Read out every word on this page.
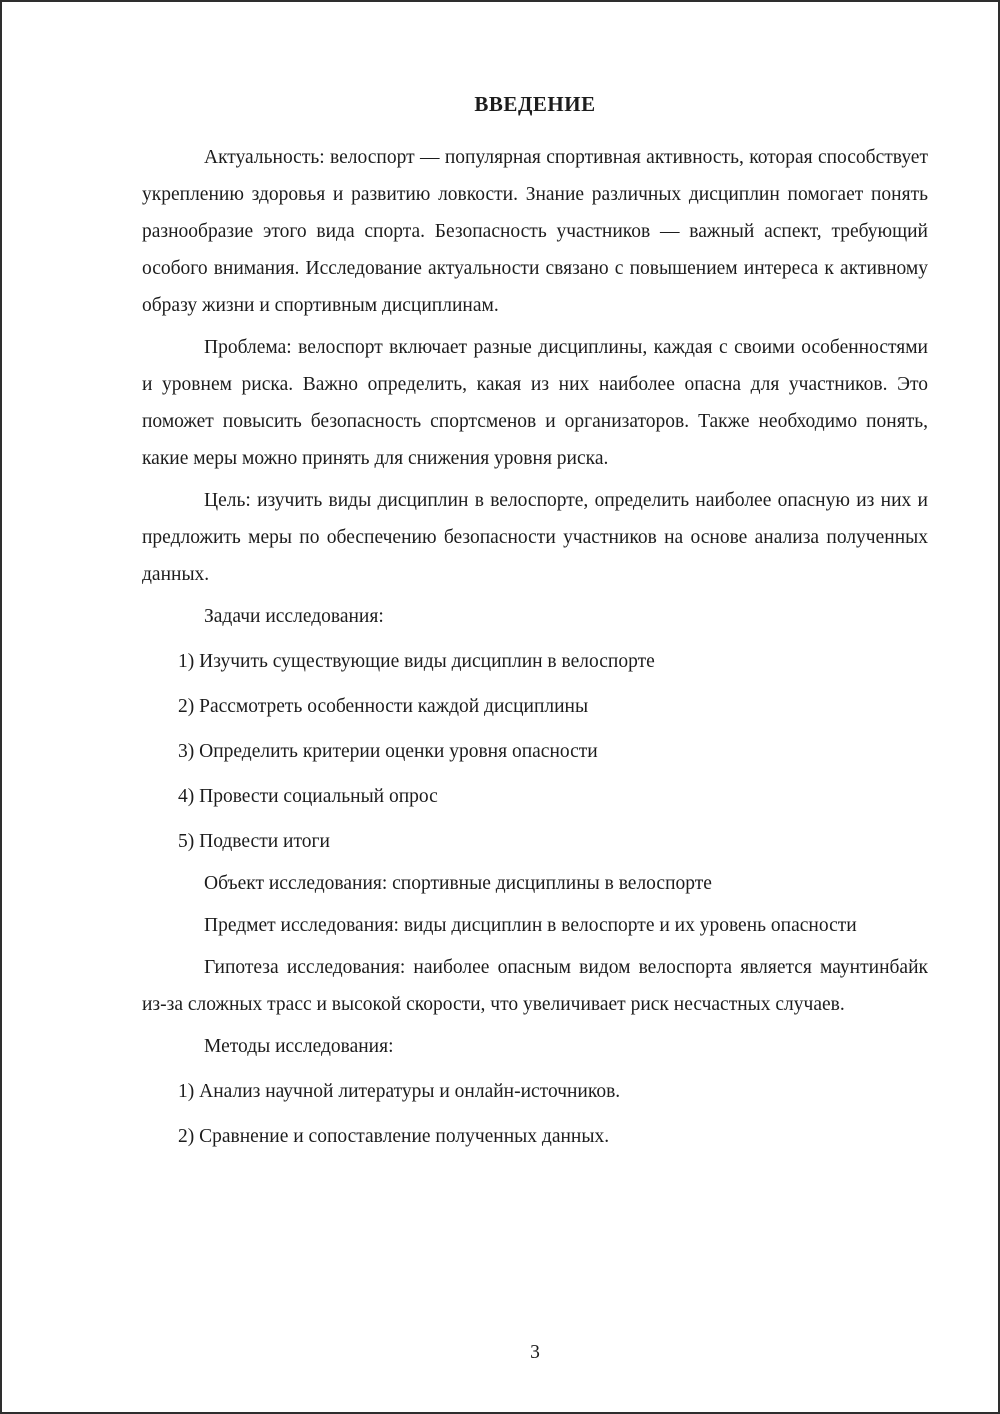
ВВЕДЕНИЕ

Актуальность: велоспорт — популярная спортивная активность, которая способствует укреплению здоровья и развитию ловкости. Знание различных дисциплин помогает понять разнообразие этого вида спорта. Безопасность участников — важный аспект, требующий особого внимания. Исследование актуальности связано с повышением интереса к активному образу жизни и спортивным дисциплинам.

Проблема: велоспорт включает разные дисциплины, каждая с своими особенностями и уровнем риска. Важно определить, какая из них наиболее опасна для участников. Это поможет повысить безопасность спортсменов и организаторов. Также необходимо понять, какие меры можно принять для снижения уровня риска.

Цель: изучить виды дисциплин в велоспорте, определить наиболее опасную из них и предложить меры по обеспечению безопасности участников на основе анализа полученных данных.

Задачи исследования:

1) Изучить существующие виды дисциплин в велоспорте

2) Рассмотреть особенности каждой дисциплины

3) Определить критерии оценки уровня опасности

4) Провести социальный опрос

5) Подвести итоги

Объект исследования: спортивные дисциплины в велоспорте

Предмет исследования: виды дисциплин в велоспорте и их уровень опасности

Гипотеза исследования: наиболее опасным видом велоспорта является маунтинбайк из-за сложных трасс и высокой скорости, что увеличивает риск несчастных случаев.

Методы исследования:

1) Анализ научной литературы и онлайн-источников.

2) Сравнение и сопоставление полученных данных.

3
